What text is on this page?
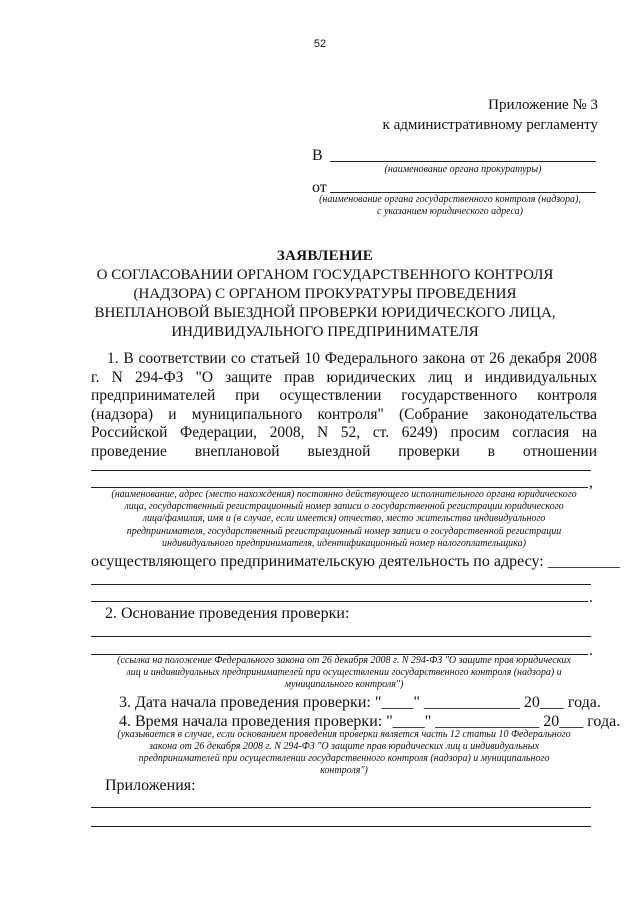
52
Приложение № 3
к административному регламенту
В
(наименование органа прокуратуры)
от
(наименование органа государственного контроля (надзора),
с указанием юридического адреса)
ЗАЯВЛЕНИЕ
О СОГЛАСОВАНИИ ОРГАНОМ ГОСУДАРСТВЕННОГО КОНТРОЛЯ
(НАДЗОРА) С ОРГАНОМ ПРОКУРАТУРЫ ПРОВЕДЕНИЯ
ВНЕПЛАНОВОЙ ВЫЕЗДНОЙ ПРОВЕРКИ ЮРИДИЧЕСКОГО ЛИЦА,
ИНДИВИДУАЛЬНОГО ПРЕДПРИНИМАТЕЛЯ
1. В соответствии со статьей 10 Федерального закона от 26 декабря 2008
г. N 294-ФЗ "О защите прав юридических лиц и индивидуальных
предпринимателей при осуществлении государственного контроля
(надзора) и муниципального контроля" (Собрание законодательства
Российской Федерации, 2008, N 52, ст. 6249) просим согласия на
проведение внеплановой выездной проверки в отношении
,
(наименование, адрес (место нахождения) постоянно действующего исполнительного органа юридического
лица, государственный регистрационный номер записи о государственной регистрации юридического
лица/фамилия, имя и (в случае, если имеется) отчество, место жительства индивидуального
предпринимателя, государственный регистрационный номер записи о государственной регистрации
индивидуального предпринимателя, идентификационный номер налогоплательщика)
осуществляющего предпринимательскую деятельность по адресу: _________
.
2. Основание проведения проверки:
.
(ссылка на положение Федерального закона от 26 декабря 2008 г. N 294-ФЗ "О защите прав юридических
лиц и индивидуальных предпринимателей при осуществлении государственного контроля (надзора) и
муниципального контроля")
3. Дата начала проведения проверки: "____" ____________ 20___ года.
4. Время начала проведения проверки: "____" _____________ 20___ года.
(указывается в случае, если основанием проведения проверки является часть 12 статьи 10 Федерального
закона от 26 декабря 2008 г. N 294-ФЗ "О защите прав юридических лиц и индивидуальных
предпринимателей при осуществлении государственного контроля (надзора) и муниципального
контроля")
Приложения:
